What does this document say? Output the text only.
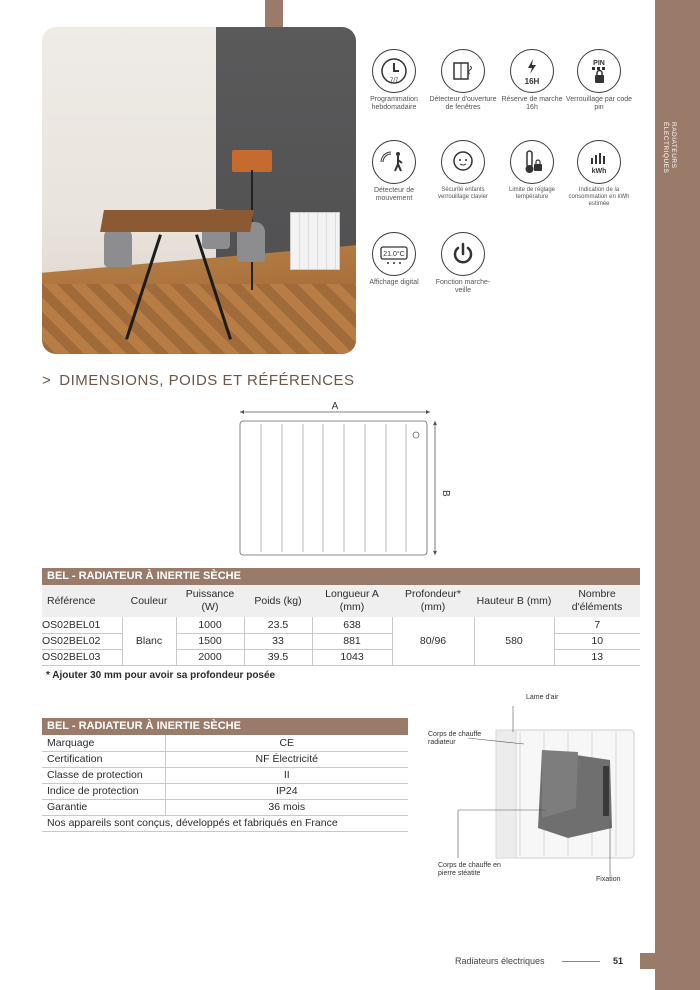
RADIATEURS ÉLECTRIQUES
7/7
Programmation hebdomadaire
Détecteur d'ouverture de fenêtres
16H
Réserve de marche 16h
PIN
Verrouillage par code pin
Détecteur de mouvement
Sécurité enfants verrouillage clavier
Limite de réglage température
kWh
Indication de la consommation en kWh estimée
21.0°C
Affichage digital	Fonction marche-veille
> DIMENSIONS, POIDS ET RÉFÉRENCES
A
B
BEL - RADIATEUR À INERTIE SÈCHE
Référence	Couleur	Puissance (W)	Poids (kg)	Longueur A (mm)	Profondeur* (mm)	Hauteur B (mm)	Nombre d'éléments
OS02BEL01	Blanc	1000	23.5	638	80/96	580	7
OS02BEL02		1500	33	881			10
OS02BEL03		2000	39.5	1043			13
* Ajouter 30 mm pour avoir sa profondeur posée
BEL - RADIATEUR À INERTIE SÈCHE
Marquage	CE
Certification	NF Électricité
Classe de protection	II
Indice de protection	IP24
Garantie	36 mois
Nos appareils sont conçus, développés et fabriqués en France	
Lame d'air
Corps de chauffe radiateur
Corps de chauffe en pierre stéatite
Fixation
Radiateurs électriques	51
